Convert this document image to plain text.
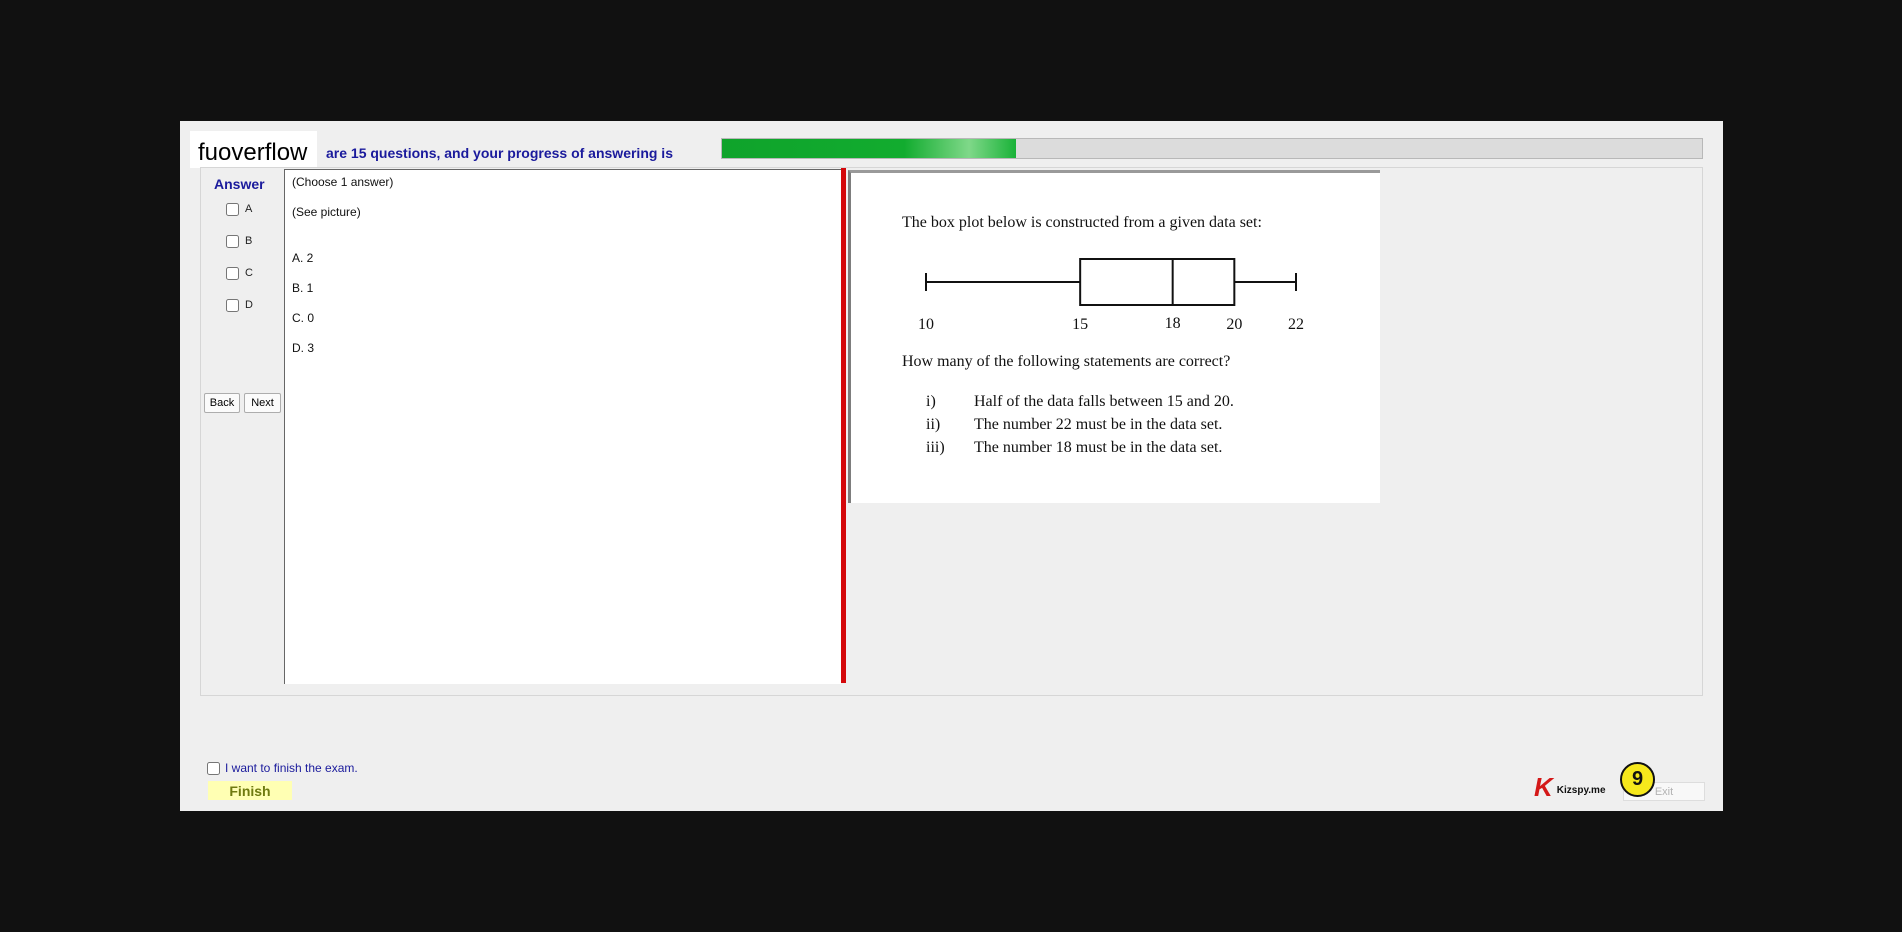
fuoverflow are 15 questions, and your progress of answering is
Answer
A
B
C
D
Back	Next
(Choose 1 answer)
(See picture)
A. 2
B. 1
C. 0
D. 3
The box plot below is constructed from a given data set:
10	15	18	20	22
How many of the following statements are correct?
i) Half of the data falls between 15 and 20.
ii) The number 22 must be in the data set.
iii) The number 18 must be in the data set.
I want to finish the exam.
Finish	K Kizspy.me	Exit
9
